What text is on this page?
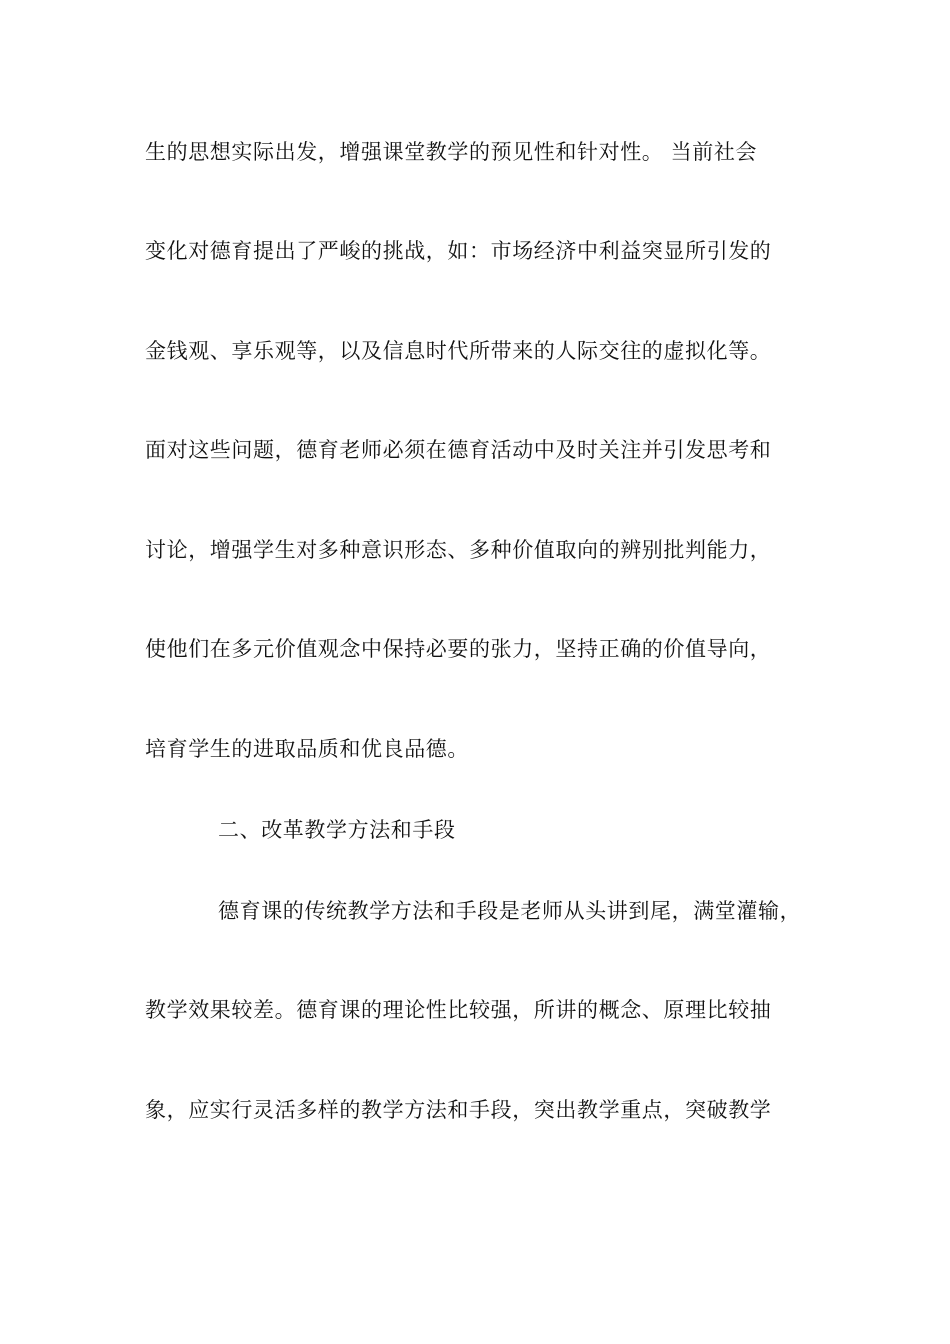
生的思想实际出发，增强课堂教学的预见性和针对性。 当前社会
变化对德育提出了严峻的挑战，如：市场经济中利益突显所引发的
金钱观、享乐观等，以及信息时代所带来的人际交往的虚拟化等。
面对这些问题，德育老师必须在德育活动中及时关注并引发思考和
讨论，增强学生对多种意识形态、多种价值取向的辨别批判能力，
使他们在多元价值观念中保持必要的张力，坚持正确的价值导向，
培育学生的进取品质和优良品德。
二、改革教学方法和手段
德育课的传统教学方法和手段是老师从头讲到尾，满堂灌输，
教学效果较差。德育课的理论性比较强，所讲的概念、原理比较抽
象，应实行灵活多样的教学方法和手段，突出教学重点，突破教学
